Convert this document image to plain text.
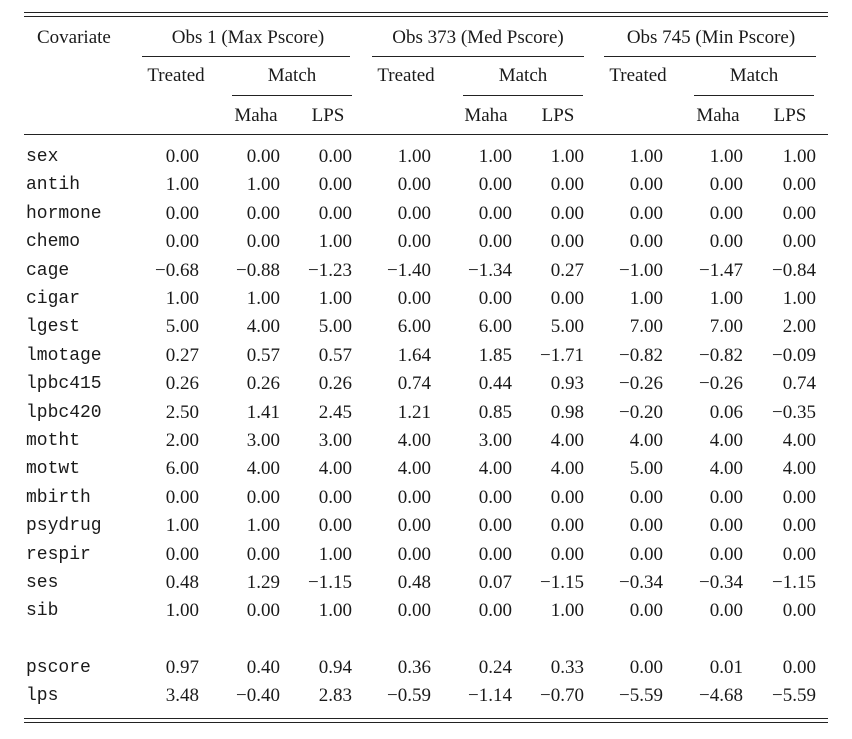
Covariate	Obs 1 (Max Pscore)	Obs 373 (Med Pscore)	Obs 745 (Min Pscore)
Treated	Match	Treated	Match	Treated	Match
Maha	LPS	Maha	LPS	Maha	LPS
sex	0.00	0.00	0.00	1.00	1.00	1.00	1.00	1.00	1.00
antih	1.00	1.00	0.00	0.00	0.00	0.00	0.00	0.00	0.00
hormone	0.00	0.00	0.00	0.00	0.00	0.00	0.00	0.00	0.00
chemo	0.00	0.00	1.00	0.00	0.00	0.00	0.00	0.00	0.00
cage	−0.68	−0.88	−1.23	−1.40	−1.34	0.27	−1.00	−1.47	−0.84
cigar	1.00	1.00	1.00	0.00	0.00	0.00	1.00	1.00	1.00
lgest	5.00	4.00	5.00	6.00	6.00	5.00	7.00	7.00	2.00
lmotage	0.27	0.57	0.57	1.64	1.85	−1.71	−0.82	−0.82	−0.09
lpbc415	0.26	0.26	0.26	0.74	0.44	0.93	−0.26	−0.26	0.74
lpbc420	2.50	1.41	2.45	1.21	0.85	0.98	−0.20	0.06	−0.35
motht	2.00	3.00	3.00	4.00	3.00	4.00	4.00	4.00	4.00
motwt	6.00	4.00	4.00	4.00	4.00	4.00	5.00	4.00	4.00
mbirth	0.00	0.00	0.00	0.00	0.00	0.00	0.00	0.00	0.00
psydrug	1.00	1.00	0.00	0.00	0.00	0.00	0.00	0.00	0.00
respir	0.00	0.00	1.00	0.00	0.00	0.00	0.00	0.00	0.00
ses	0.48	1.29	−1.15	0.48	0.07	−1.15	−0.34	−0.34	−1.15
sib	1.00	0.00	1.00	0.00	0.00	1.00	0.00	0.00	0.00
pscore	0.97	0.40	0.94	0.36	0.24	0.33	0.00	0.01	0.00
lps	3.48	−0.40	2.83	−0.59	−1.14	−0.70	−5.59	−4.68	−5.59
